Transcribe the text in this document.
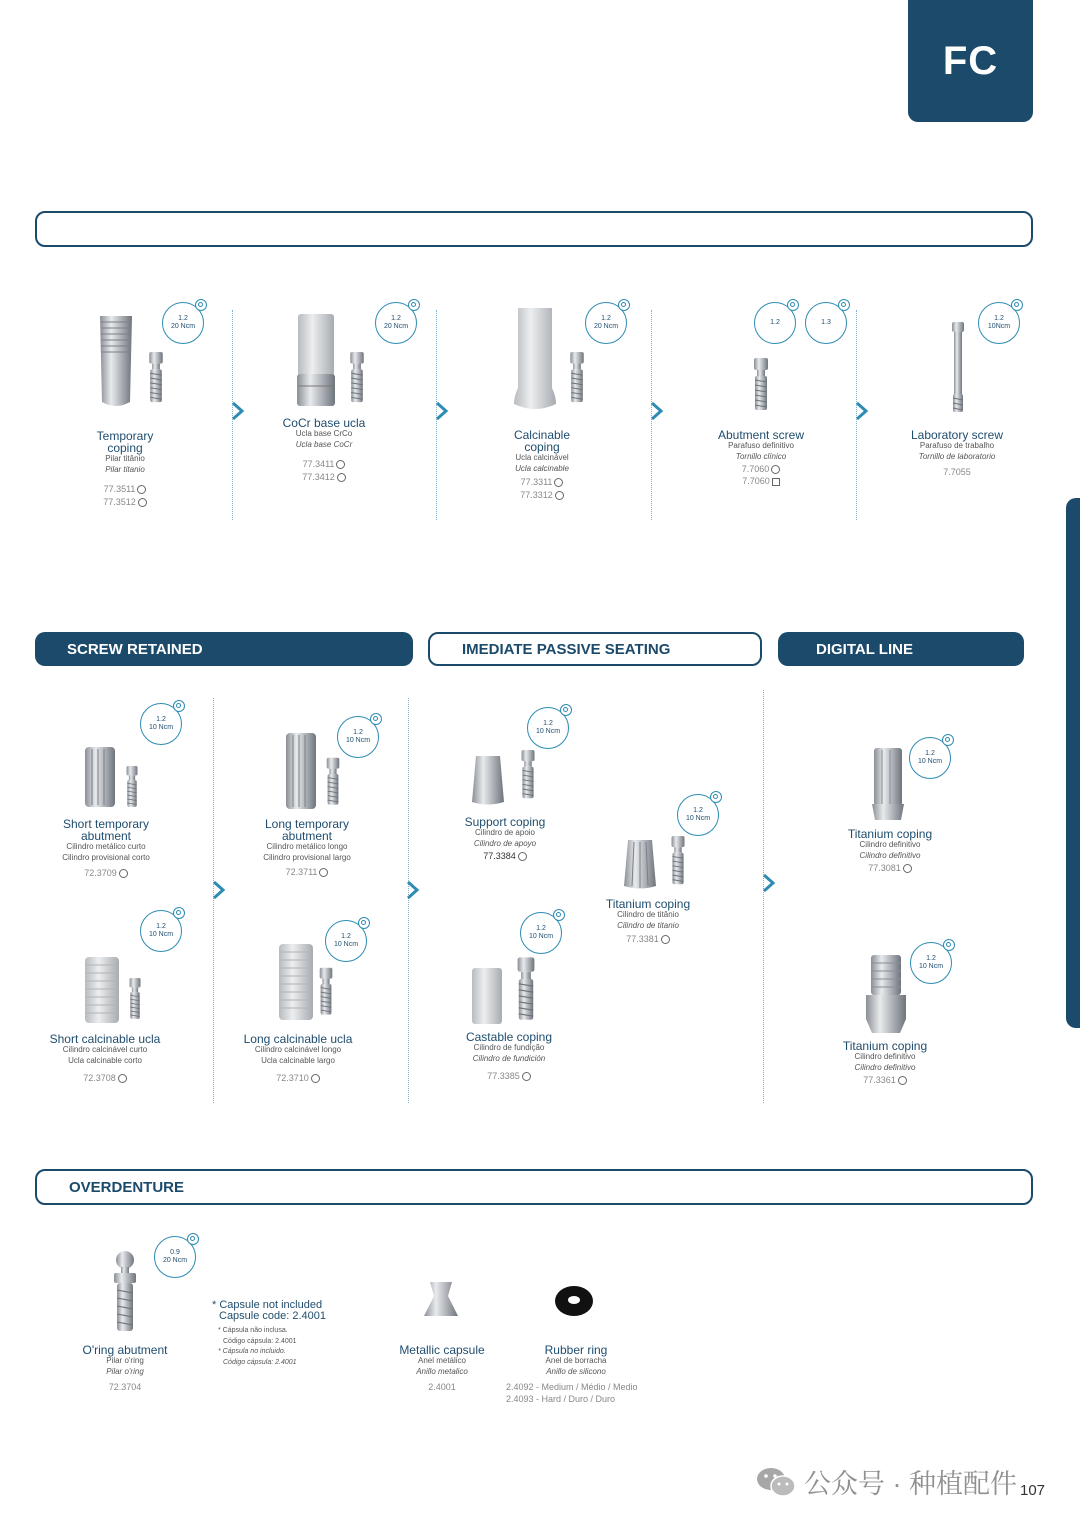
FC
1.2
20 Ncm
Temporary
coping
Pilar titânio
Pilar titanio
77.3511
77.3512
1.2
20 Ncm
CoCr base ucla
Ucla base CrCo
Ucla base CoCr
77.3411
77.3412
1.2
20 Ncm
Calcinable
coping
Ucla calcinável
Ucla calcinable
77.3311
77.3312
1.2	1.3
Abutment screw
Parafuso definitivo
Tornillo clínico
7.7060
7.7060
1.2
10Ncm
Laboratory screw
Parafuso de trabalho
Tornillo de laboratorio
7.7055
SCREW RETAINED	IMEDIATE PASSIVE SEATING	DIGITAL LINE
1.2
10 Ncm
Short temporary
abutment
Cilindro metálico curto
Cilindro provisional corto
72.3709
1.2
10 Ncm
Long temporary
abutment
Cilindro metálico longo
Cilindro provisional largo
72.3711
1.2
10 Ncm
Short calcinable ucla
Cilindro calcinável curto
Ucla calcinable corto
72.3708
1.2
10 Ncm
Long calcinable ucla
Cilindro calcinável longo
Ucla calcinable largo
72.3710
1.2
10 Ncm
Support coping
Cilindro de apoio
Cilindro de apoyo
77.3384
1.2
10 Ncm
Titanium coping
Cilindro de titânio
Cilindro de titanio
77.3381
1.2
10 Ncm
Castable coping
Cilindro de fundição
Cilindro de fundición
77.3385
1.2
10 Ncm
Titanium coping
Cilindro definitivo
Cilindro definitivo
77.3081
1.2
10 Ncm
Titanium coping
Cilindro definitivo
Cilindro definitivo
77.3361
OVERDENTURE
0.9
20 Ncm
O'ring abutment
Pilar o'ring
Pilar o'ring
72.3704
* Capsule not included
Capsule code: 2.4001
* Cápsula não inclusa.
Código cápsula: 2.4001
* Cápsula no incluido.
Código cápsula: 2.4001
Metallic capsule
Anel metálico
Anillo metalico
2.4001
Rubber ring
Anel de borracha
Anillo de silicono
2.4092 - Medium / Médio / Medio
2.4093 - Hard / Duro / Duro
公众号 · 种植配件 107
